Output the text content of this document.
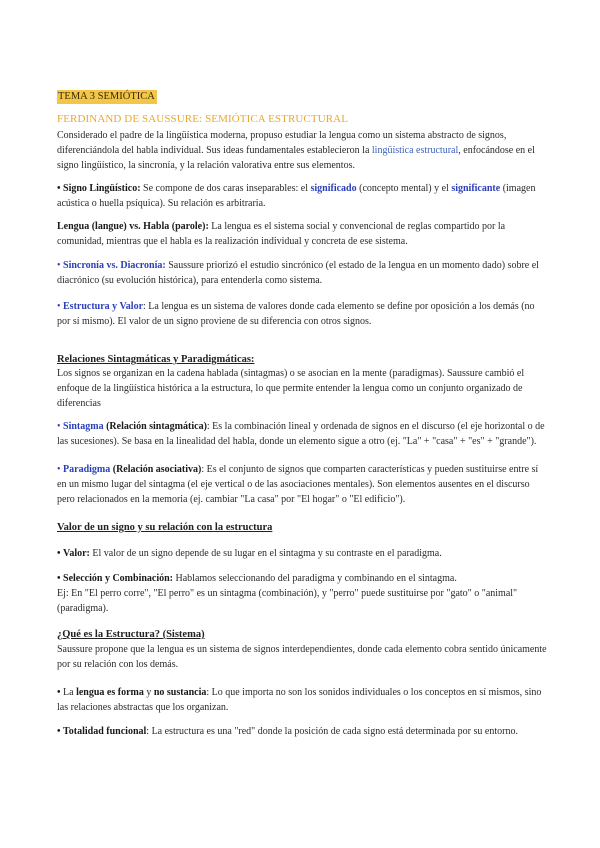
TEMA 3 SEMIÓTICA
FERDINAND DE SAUSSURE: SEMIÓTICA ESTRUCTURAL

Considerado el padre de la lingüística moderna, propuso estudiar la lengua como un sistema abstracto de signos, diferenciándola del habla individual. Sus ideas fundamentales establecieron la lingüística estructural, enfocándose en el signo lingüístico, la sincronía, y la relación valorativa entre sus elementos.

• Signo Lingüístico: Se compone de dos caras inseparables: el significado (concepto mental) y el significante (imagen acústica o huella psíquica). Su relación es arbitraria.

Lengua (langue) vs. Habla (parole): La lengua es el sistema social y convencional de reglas compartido por la comunidad, mientras que el habla es la realización individual y concreta de ese sistema.

• Sincronía vs. Diacronía: Saussure priorizó el estudio sincrónico (el estado de la lengua en un momento dado) sobre el diacrónico (su evolución histórica), para entenderla como sistema.

• Estructura y Valor: La lengua es un sistema de valores donde cada elemento se define por oposición a los demás (no por sí mismo). El valor de un signo proviene de su diferencia con otros signos.

Relaciones Sintagmáticas y Paradigmáticas:

Los signos se organizan en la cadena hablada (sintagmas) o se asocian en la mente (paradigmas). Saussure cambió el enfoque de la lingüística histórica a la estructura, lo que permite entender la lengua como un conjunto organizado de diferencias

• Sintagma (Relación sintagmática): Es la combinación lineal y ordenada de signos en el discurso (el eje horizontal o de las sucesiones). Se basa en la linealidad del habla, donde un elemento sigue a otro (ej. "La" + "casa" + "es" + "grande").

• Paradigma (Relación asociativa): Es el conjunto de signos que comparten características y pueden sustituirse entre sí en un mismo lugar del sintagma (el eje vertical o de las asociaciones mentales). Son elementos ausentes en el discurso pero relacionados en la memoria (ej. cambiar "La casa" por "El hogar" o "El edificio").

Valor de un signo y su relación con la estructura

• Valor: El valor de un signo depende de su lugar en el sintagma y su contraste en el paradigma.

• Selección y Combinación: Hablamos seleccionando del paradigma y combinando en el sintagma.
Ej: En "El perro corre", "El perro" es un sintagma (combinación), y "perro" puede sustituirse por "gato" o "animal" (paradigma).

¿Qué es la Estructura? (Sistema)

Saussure propone que la lengua es un sistema de signos interdependientes, donde cada elemento cobra sentido únicamente por su relación con los demás.

• La lengua es forma y no sustancia: Lo que importa no son los sonidos individuales o los conceptos en sí mismos, sino las relaciones abstractas que los organizan.

• Totalidad funcional: La estructura es una "red" donde la posición de cada signo está determinada por su entorno.
